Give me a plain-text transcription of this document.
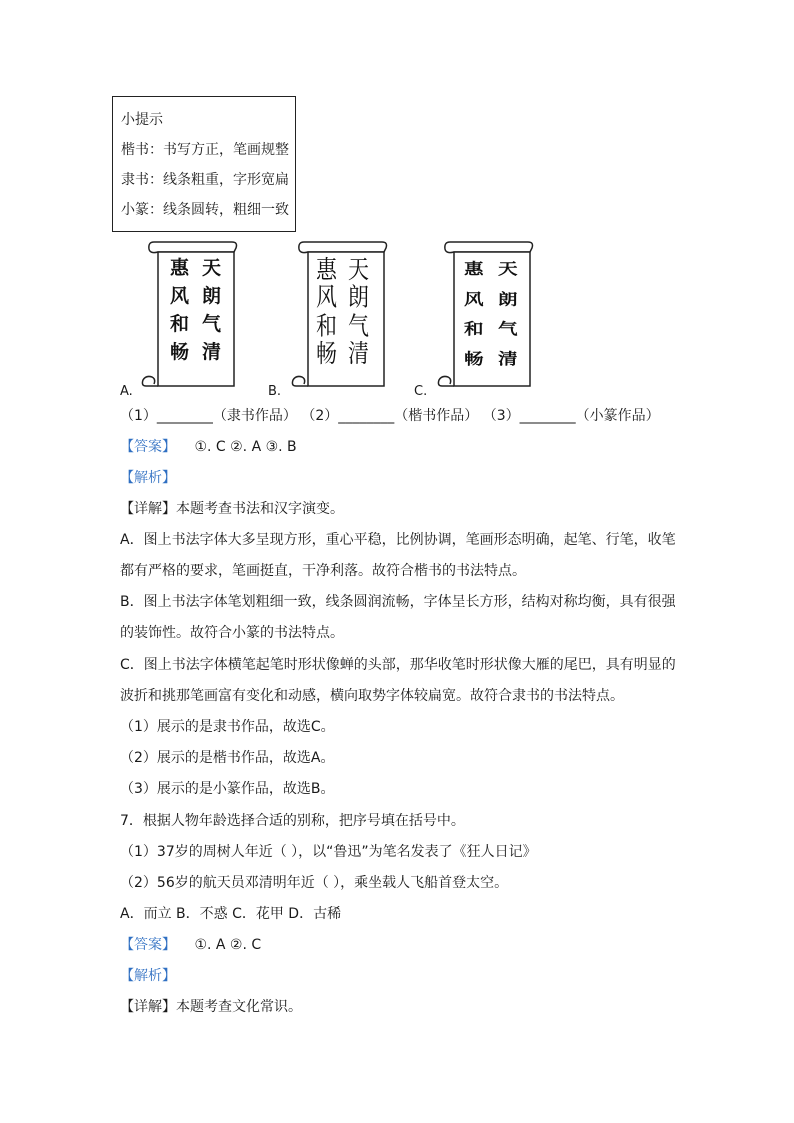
小提示
楷书：书写方正，笔画规整
隶书：线条粗重，字形宽扁
小篆：线条圆转，粗细一致
天
朗
气
清
惠
风
和
畅
A.
天
朗
气
清
惠
风
和
畅
B.
天
朗
气
清
惠
风
和
畅
C.
（1）________（隶书作品） （2）________（楷书作品） （3）________（小篆作品）
【答案】 ①. C ②. A ③. B
【解析】
【详解】本题考查书法和汉字演变。
A．图上书法字体大多呈现方形，重心平稳，比例协调，笔画形态明确，起笔、行笔，收笔
都有严格的要求，笔画挺直，干净利落。故符合楷书的书法特点。
B．图上书法字体笔划粗细一致，线条圆润流畅，字体呈长方形，结构对称均衡，具有很强
的装饰性。故符合小篆的书法特点。
C．图上书法字体横笔起笔时形状像蝉的头部，那华收笔时形状像大雁的尾巴，具有明显的
波折和挑那笔画富有变化和动感，横向取势字体较扁宽。故符合隶书的书法特点。
（1）展示的是隶书作品，故选C。
（2）展示的是楷书作品，故选A。
（3）展示的是小篆作品，故选B。
7．根据人物年龄选择合适的别称，把序号填在括号中。
（1）37岁的周树人年近（ ），以“鲁迅”为笔名发表了《狂人日记》
（2）56岁的航天员邓清明年近（ ），乘坐载人飞船首登太空。
A．而立 B．不惑 C．花甲 D．古稀
【答案】 ①. A ②. C
【解析】
【详解】本题考查文化常识。
